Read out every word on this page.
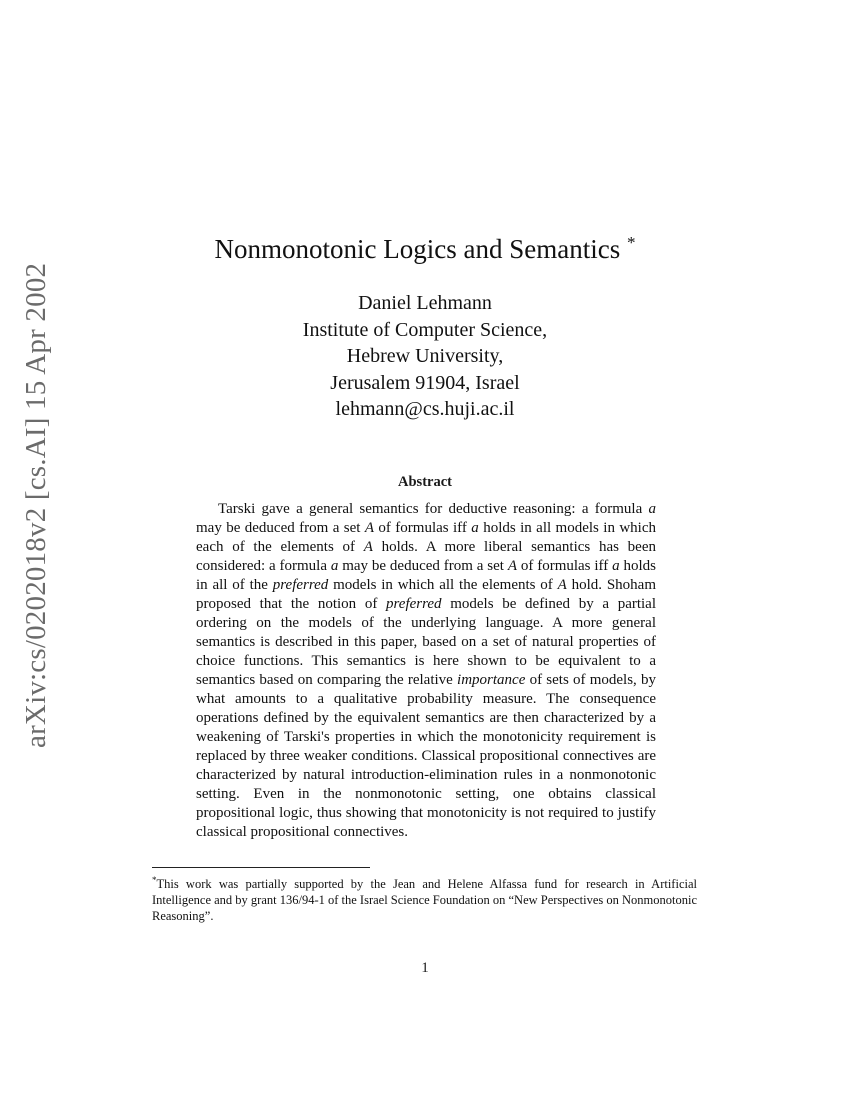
arXiv:cs/0202018v2 [cs.AI] 15 Apr 2002
Nonmonotonic Logics and Semantics *
Daniel Lehmann
Institute of Computer Science,
Hebrew University,
Jerusalem 91904, Israel
lehmann@cs.huji.ac.il
Abstract
Tarski gave a general semantics for deductive reasoning: a formula a may be deduced from a set A of formulas iff a holds in all models in which each of the elements of A holds. A more liberal semantics has been considered: a formula a may be deduced from a set A of formulas iff a holds in all of the preferred models in which all the elements of A hold. Shoham proposed that the notion of preferred models be defined by a partial ordering on the models of the underlying language. A more general semantics is described in this paper, based on a set of natural properties of choice functions. This semantics is here shown to be equivalent to a semantics based on comparing the relative importance of sets of models, by what amounts to a qualitative probability measure. The consequence operations defined by the equivalent semantics are then characterized by a weakening of Tarski's properties in which the monotonicity requirement is replaced by three weaker conditions. Classical propositional connectives are characterized by natural introduction-elimination rules in a nonmonotonic setting. Even in the nonmonotonic setting, one obtains classical propositional logic, thus showing that monotonicity is not required to justify classical propositional connectives.
*This work was partially supported by the Jean and Helene Alfassa fund for research in Artificial Intelligence and by grant 136/94-1 of the Israel Science Foundation on “New Perspectives on Nonmonotonic Reasoning”.
1
